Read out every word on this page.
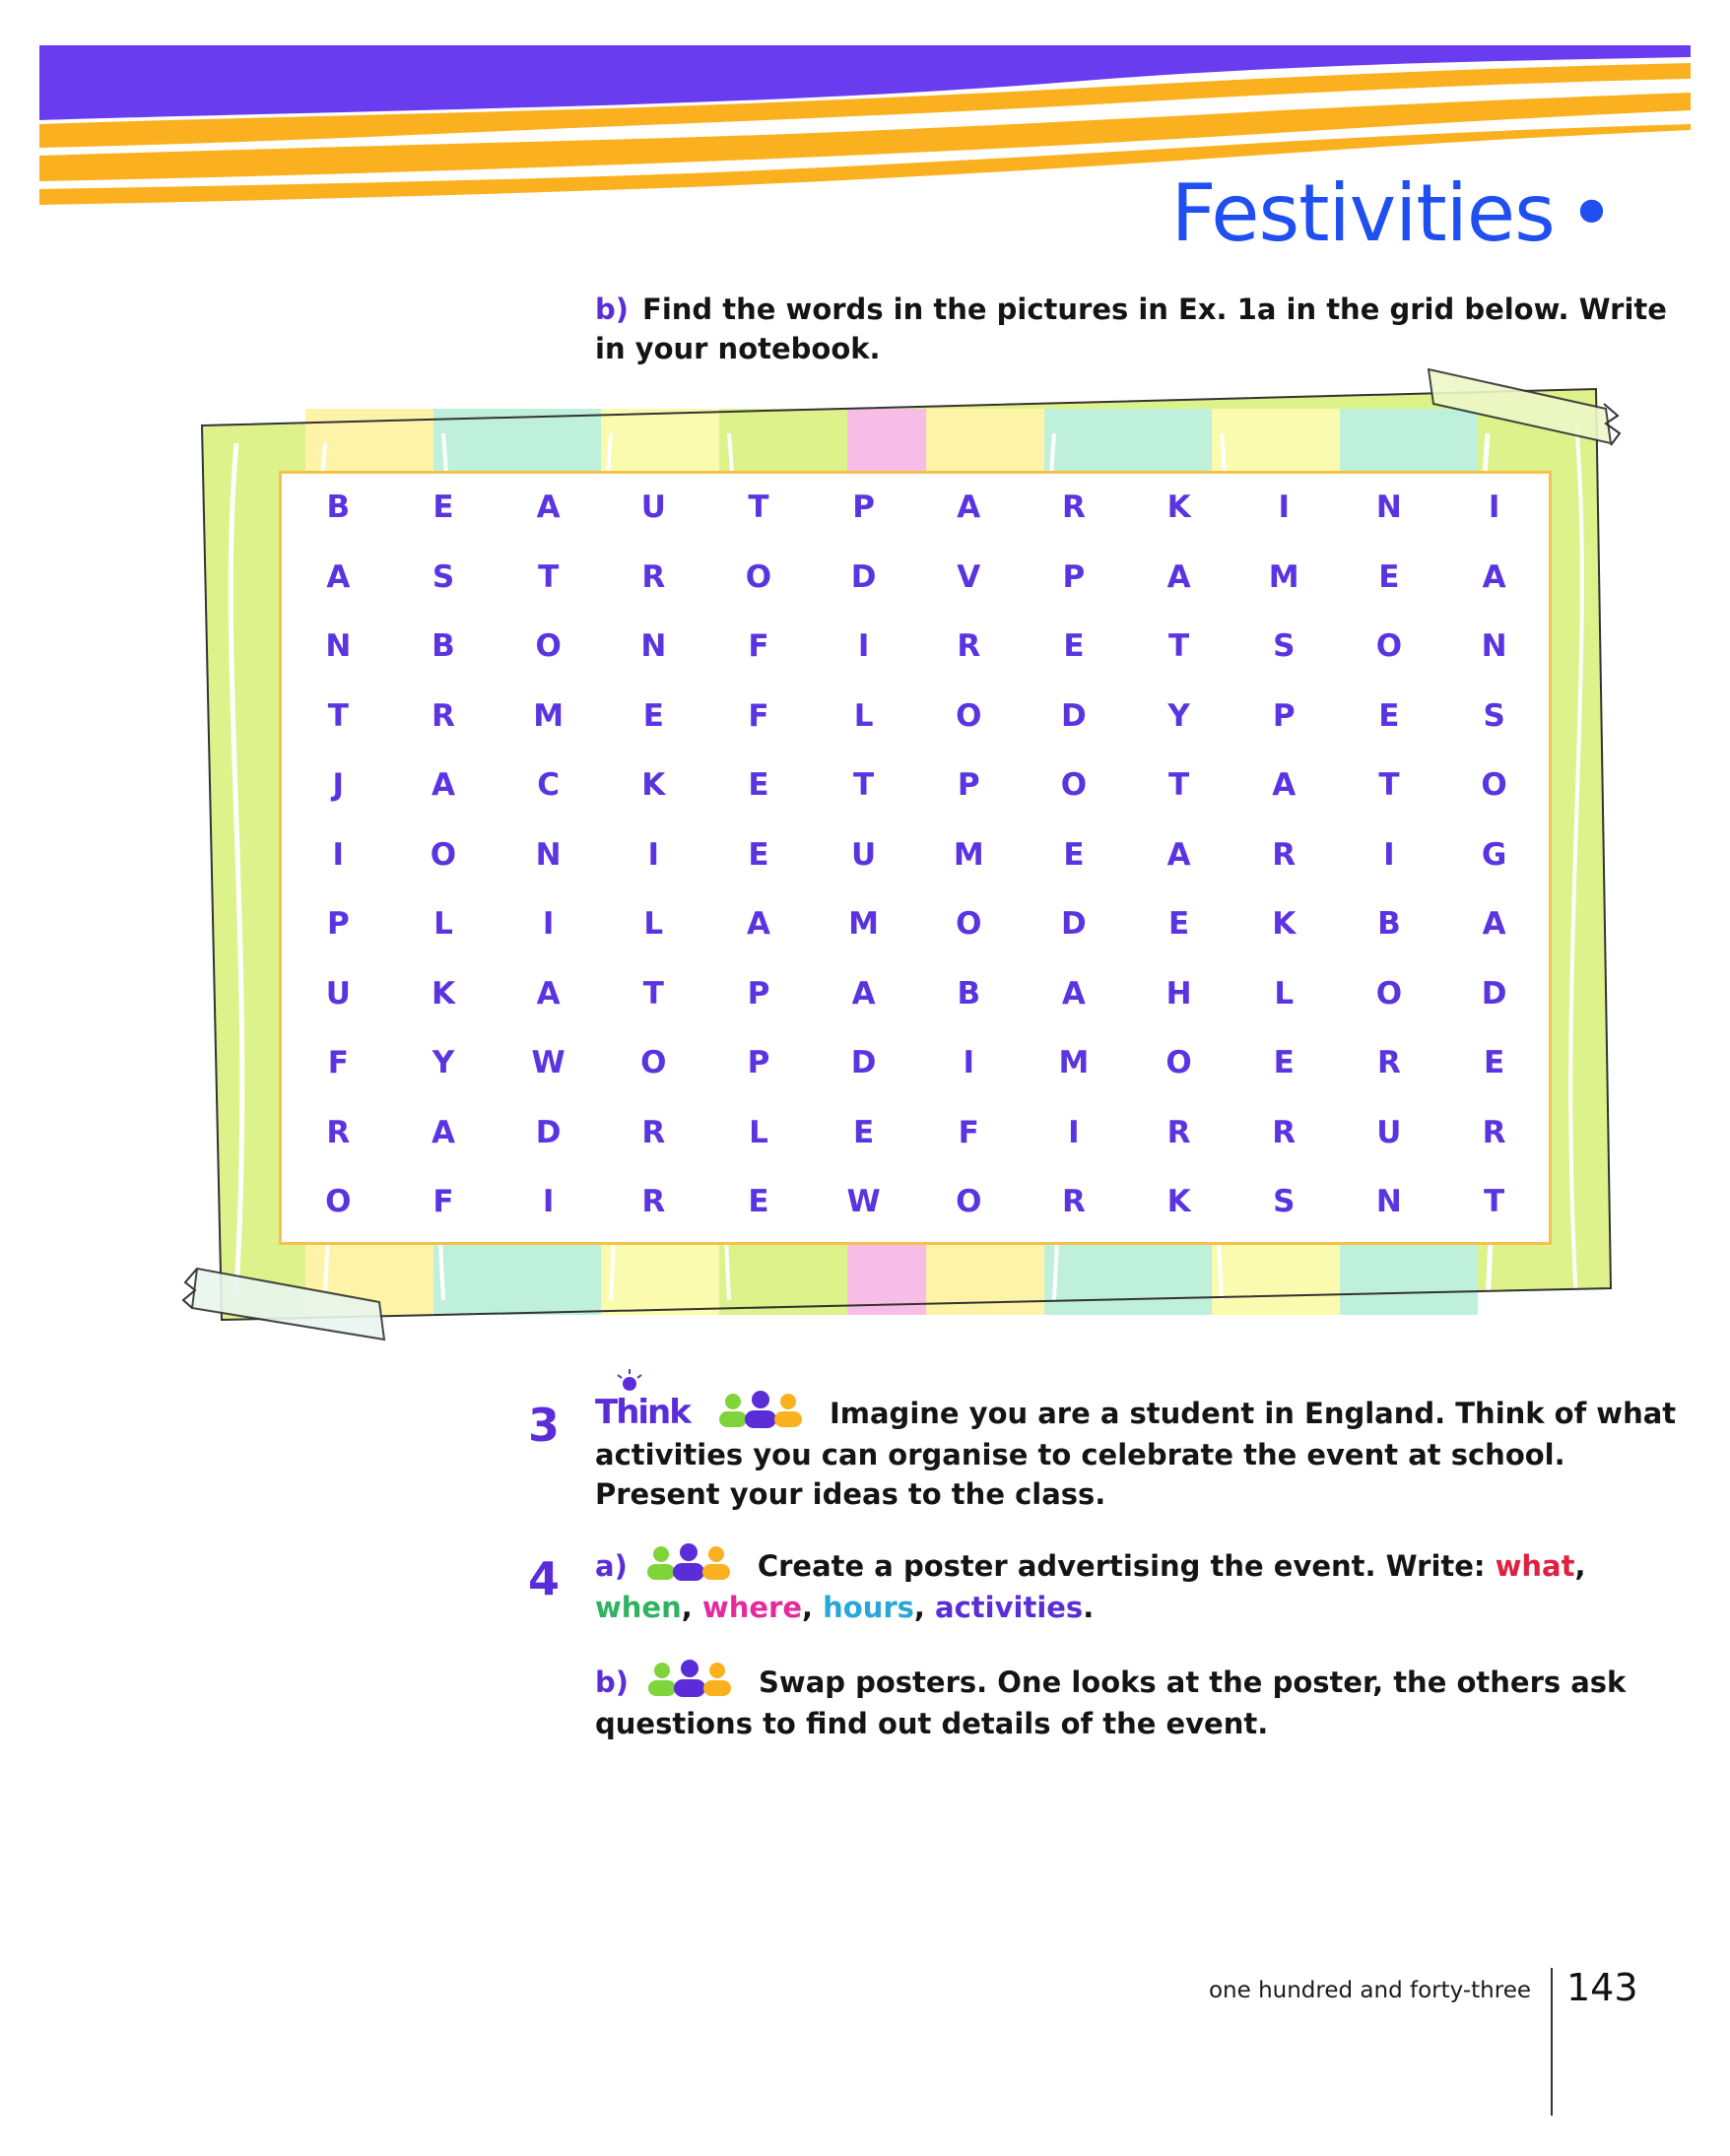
Festivities •
b) Find the words in the pictures in Ex. 1a in the grid below. Write
in your notebook.
B	E	A	U	T	P	A	R	K	I	N	I
A	S	T	R	O	D	V	P	A	M	E	A
N	B	O	N	F	I	R	E	T	S	O	N
T	R	M	E	F	L	O	D	Y	P	E	S
J	A	C	K	E	T	P	O	T	A	T	O
I	O	N	I	E	U	M	E	A	R	I	G
P	L	I	L	A	M	O	D	E	K	B	A
U	K	A	T	P	A	B	A	H	L	O	D
F	Y	W	O	P	D	I	M	O	E	R	E
R	A	D	R	L	E	F	I	R	R	U	R
O	F	I	R	E	W	O	R	K	S	N	T
3 Think	Imagine you are a student in England. Think of what
activities you can organise to celebrate the event at school.
Present your ideas to the class.
4 a)	Create a poster advertising the event. Write: what,
when, where, hours, activities.
b)	Swap posters. One looks at the poster, the others ask
questions to find out details of the event.
one hundred and forty-three 143
